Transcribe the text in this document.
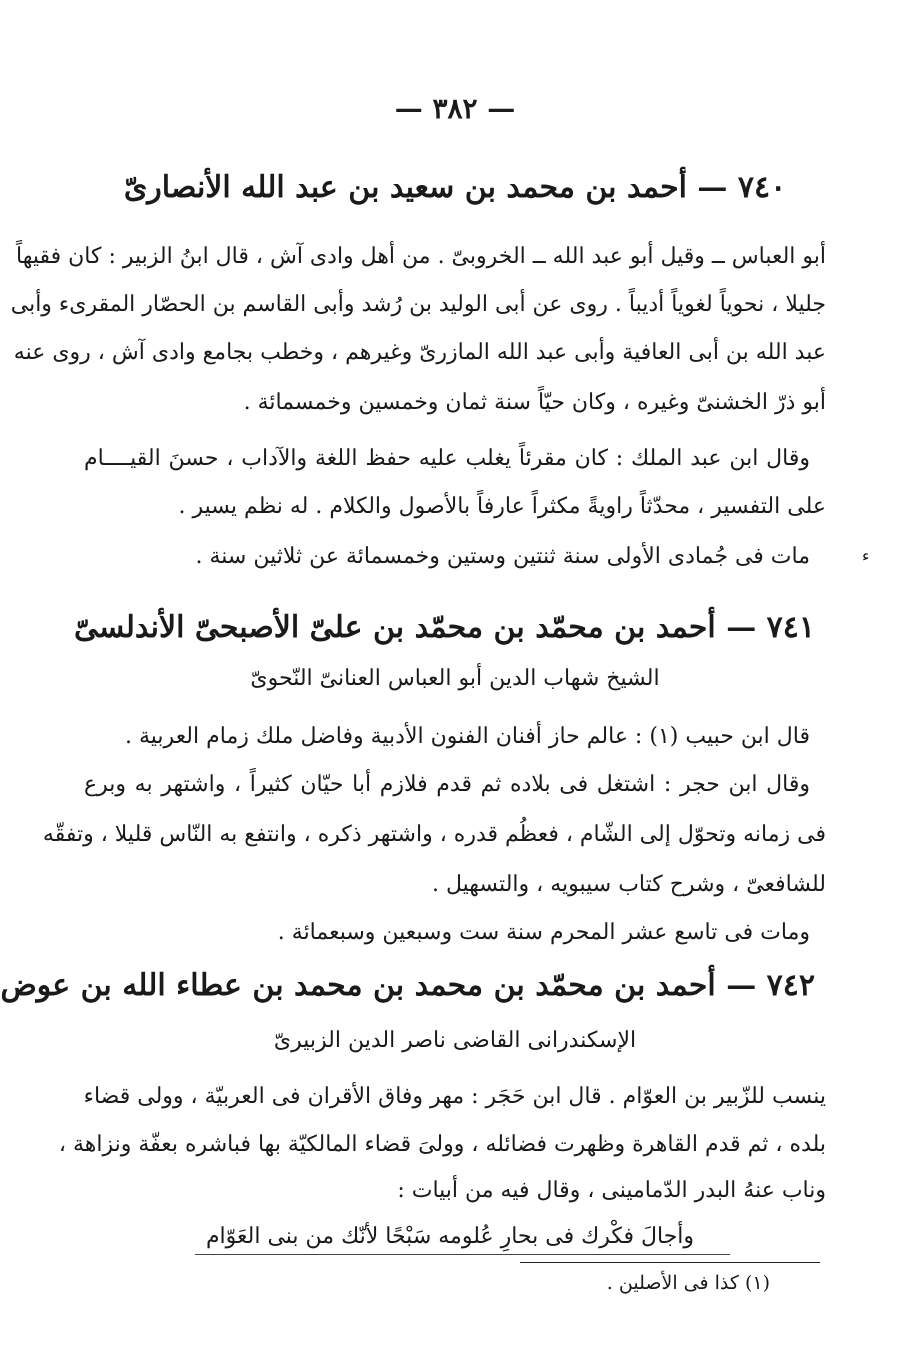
— ٣٨٢ —
٧٤٠ — أحمد بن محمد بن سعيد بن عبد الله الأنصارىّ
أبو العباس ــ وقيل أبو عبد الله ــ الخروبىّ . من أهل وادى آش ، قال ابنُ الزبير : كان فقيهاً
جليلا ، نحوياً لغوياً أديباً . روى عن أبى الوليد بن رُشد وأبى القاسم بن الحصّار المقرىء وأبى
عبد الله بن أبى العافية وأبى عبد الله المازرىّ وغيرهم ، وخطب بجامع وادى آش ، روى عنه
أبو ذرّ الخشنىّ وغيره ، وكان حيّاً سنة ثمان وخمسين وخمسمائة .
وقال ابن عبد الملك : كان مقرئاً يغلب عليه حفظ اللغة والآداب ، حسنَ القيــــام
على التفسير ، محدّثاً راويةً مكثراً عارفاً بالأصول والكلام . له نظم يسير .
مات فى جُمادى الأولى سنة ثنتين وستين وخمسمائة عن ثلاثين سنة .	ء
٧٤١ — أحمد بن محمّد بن محمّد بن علىّ الأصبحىّ الأندلسىّ
الشيخ شهاب الدين أبو العباس العنانىّ النّحوىّ
قال ابن حبيب (١) : عالم حاز أفنان الفنون الأدبية وفاضل ملك زمام العربية .
وقال ابن حجر : اشتغل فى بلاده ثم قدم فلازم أبا حيّان كثيراً ، واشتهر به وبرع
فى زمانه وتحوّل إلى الشّام ، فعظُم قدره ، واشتهر ذكره ، وانتفع به النّاس قليلا ، وتفقّه
للشافعىّ ، وشرح كتاب سيبويه ، والتسهيل .
ومات فى تاسع عشر المحرم سنة ست وسبعين وسبعمائة .
٧٤٢ — أحمد بن محمّد بن محمد بن محمد بن عطاء الله بن عوض
الإسكندرانى القاضى ناصر الدين الزبيرىّ
ينسب للزّبير بن العوّام . قال ابن حَجَر : مهر وفاق الأقران فى العربيّة ، وولى قضاء
بلده ، ثم قدم القاهرة وظهرت فضائله ، وولىَ قضاء المالكيّة بها فباشره بعفّة ونزاهة ،
وناب عنهُ البدر الدّمامينى ، وقال فيه من أبيات :
وأجالَ فكْرك فى بحارِ عُلومه سَبْحًا لأنّك من بنى العَوّام
(١) كذا فى الأصلين .
